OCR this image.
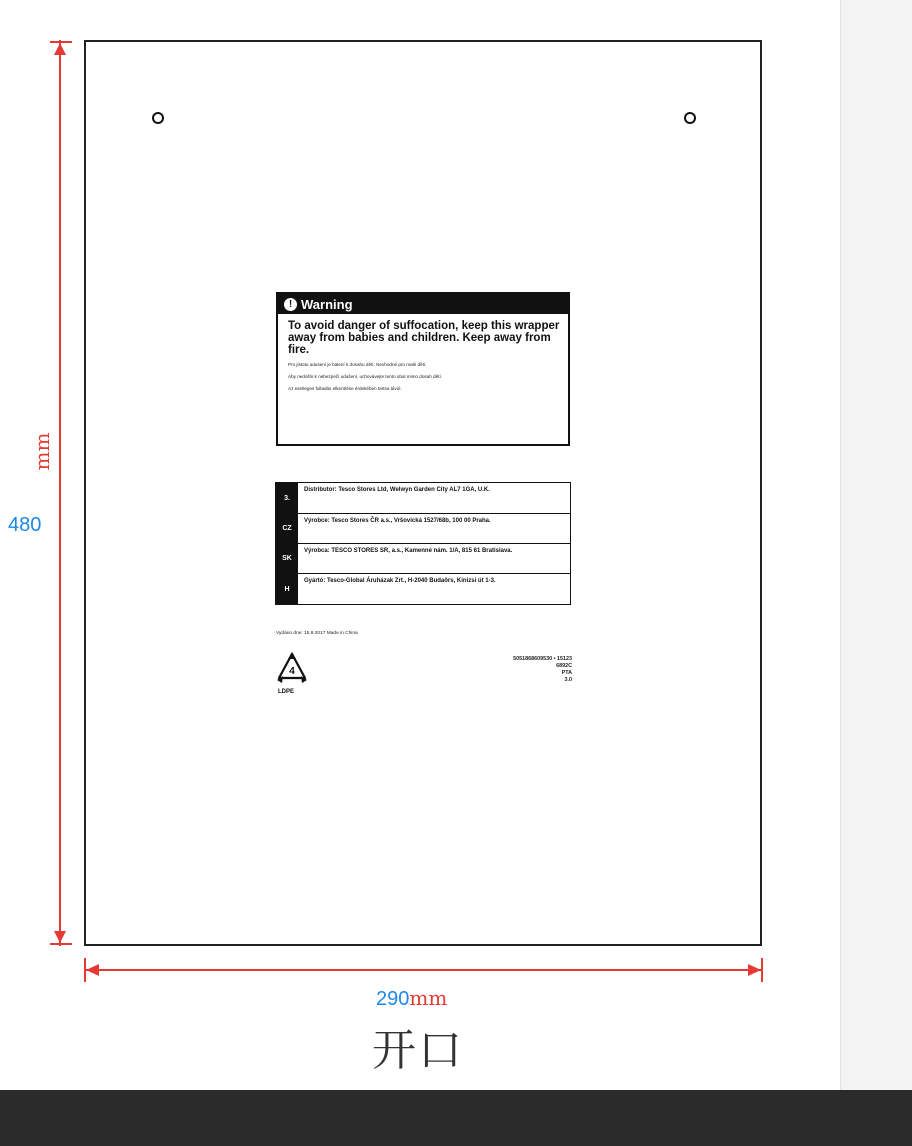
mm
480
! Warning
To avoid danger of suffocation, keep this wrapper away from babies and children. Keep away from fire.
Pro jistotu udusení je balení k dosahu dětí. Nevhodné pro malé děti.
Aby nedošlo k nebezpečí udušení, uchovávejte tento obal mimo dosah dětí.
Az esetleges fulladás elkerülése érdekében tartsa távol.
3.
Distributor: Tesco Stores Ltd, Welwyn Garden City AL7 1GA, U.K.
CZ
Výrobce: Tesco Stores ČR a.s., Vršovická 1527/68b, 100 00 Praha.
SK
Výrobca: TESCO STORES SR, a.s., Kamenné nám. 1/A, 815 61 Bratislava.
H
Gyártó: Tesco-Global Áruházak Zrt., H-2040 Budaörs, Kinizsi út 1-3.
Vydáno dne: 15.8.2017 Made in China
4
LDPE
5051868609530 • 15123
6892C
PTA
3.0
290mm
开口
